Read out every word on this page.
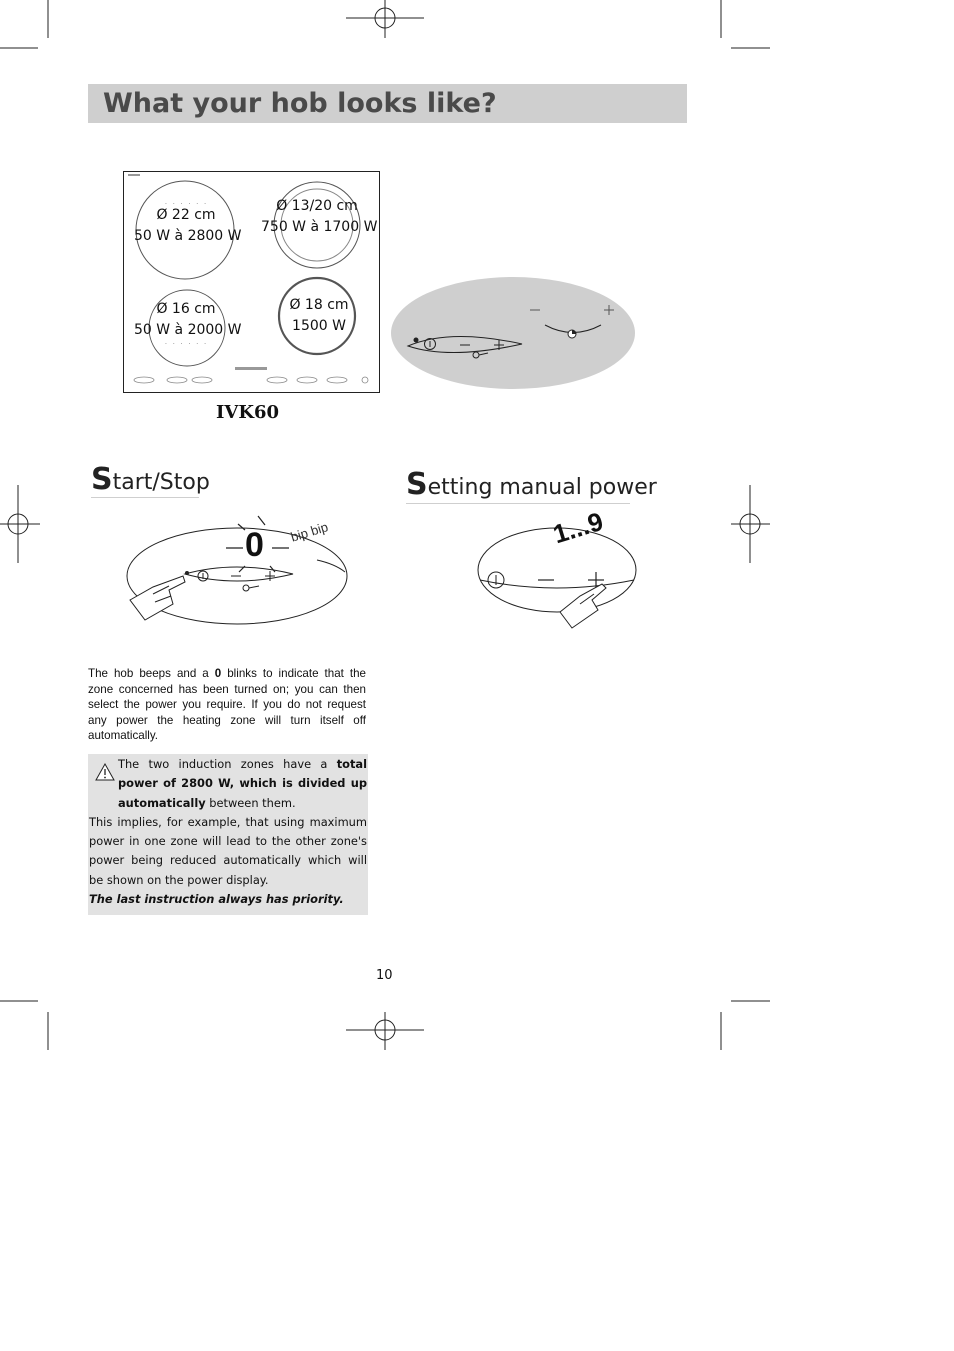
What your hob looks like?
· · · · · ·
· · · · · ·
Ø 22 cm
50 W à 2800 W
Ø 13/20 cm
750 W à 1700 W
Ø 16 cm
50 W à 2000 W
Ø 18 cm
1500 W
IVK60
Start/Stop
0 bip bip
Setting manual power
1...9
The hob beeps and a 0 blinks to indicate that the zone concerned has been turned on; you can then select the power you require. If you do not request any power the heating zone will turn itself off automatically.
The two induction zones have a total power of 2800 W, which is divided up automatically between them.
This implies, for example, that using maximum power in one zone will lead to the other zone's power being reduced automatically which will be shown on the power display.
The last instruction always has priority.
10
